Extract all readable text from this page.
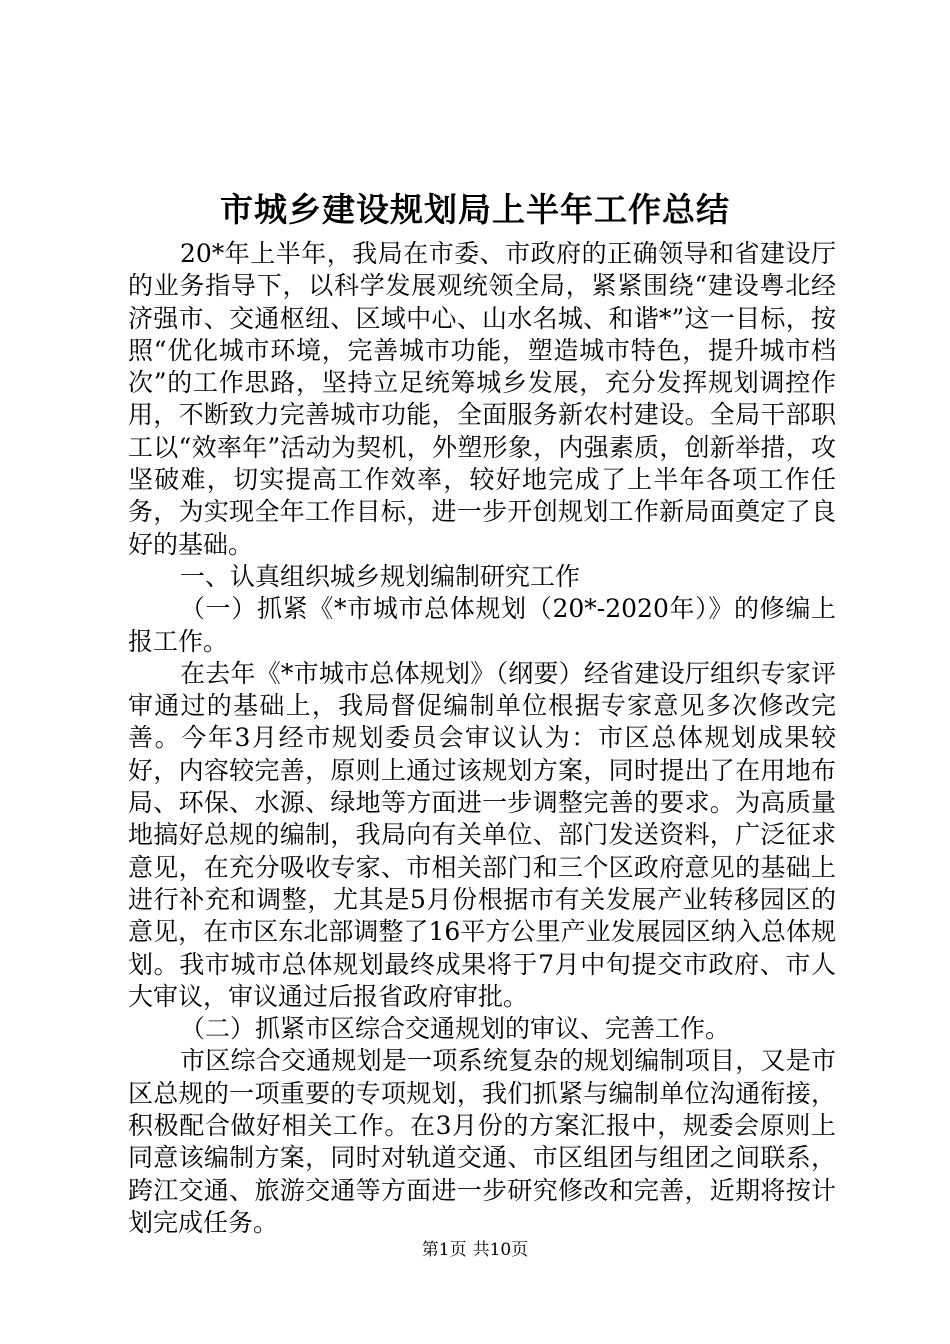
市城乡建设规划局上半年工作总结

20*年上半年，我局在市委、市政府的正确领导和省建设厅的业务指导下，以科学发展观统领全局，紧紧围绕“建设粤北经济强市、交通枢纽、区域中心、山水名城、和谐*”这一目标，按照“优化城市环境，完善城市功能，塑造城市特色，提升城市档次”的工作思路，坚持立足统筹城乡发展，充分发挥规划调控作用，不断致力完善城市功能，全面服务新农村建设。全局干部职工以“效率年”活动为契机，外塑形象，内强素质，创新举措，攻坚破难，切实提高工作效率，较好地完成了上半年各项工作任务，为实现全年工作目标，进一步开创规划工作新局面奠定了良好的基础。

一、认真组织城乡规划编制研究工作

（一）抓紧《*市城市总体规划（20*-2020年）》的修编上报工作。

在去年《*市城市总体规划》（纲要）经省建设厅组织专家评审通过的基础上，我局督促编制单位根据专家意见多次修改完善。今年3月经市规划委员会审议认为：市区总体规划成果较好，内容较完善，原则上通过该规划方案，同时提出了在用地布局、环保、水源、绿地等方面进一步调整完善的要求。为高质量地搞好总规的编制，我局向有关单位、部门发送资料，广泛征求意见，在充分吸收专家、市相关部门和三个区政府意见的基础上进行补充和调整，尤其是5月份根据市有关发展产业转移园区的意见，在市区东北部调整了16平方公里产业发展园区纳入总体规划。我市城市总体规划最终成果将于7月中旬提交市政府、市人大审议，审议通过后报省政府审批。

（二）抓紧市区综合交通规划的审议、完善工作。

市区综合交通规划是一项系统复杂的规划编制项目，又是市区总规的一项重要的专项规划，我们抓紧与编制单位沟通衔接，积极配合做好相关工作。在3月份的方案汇报中，规委会原则上同意该编制方案，同时对轨道交通、市区组团与组团之间联系，跨江交通、旅游交通等方面进一步研究修改和完善，近期将按计划完成任务。

第1页 共10页
